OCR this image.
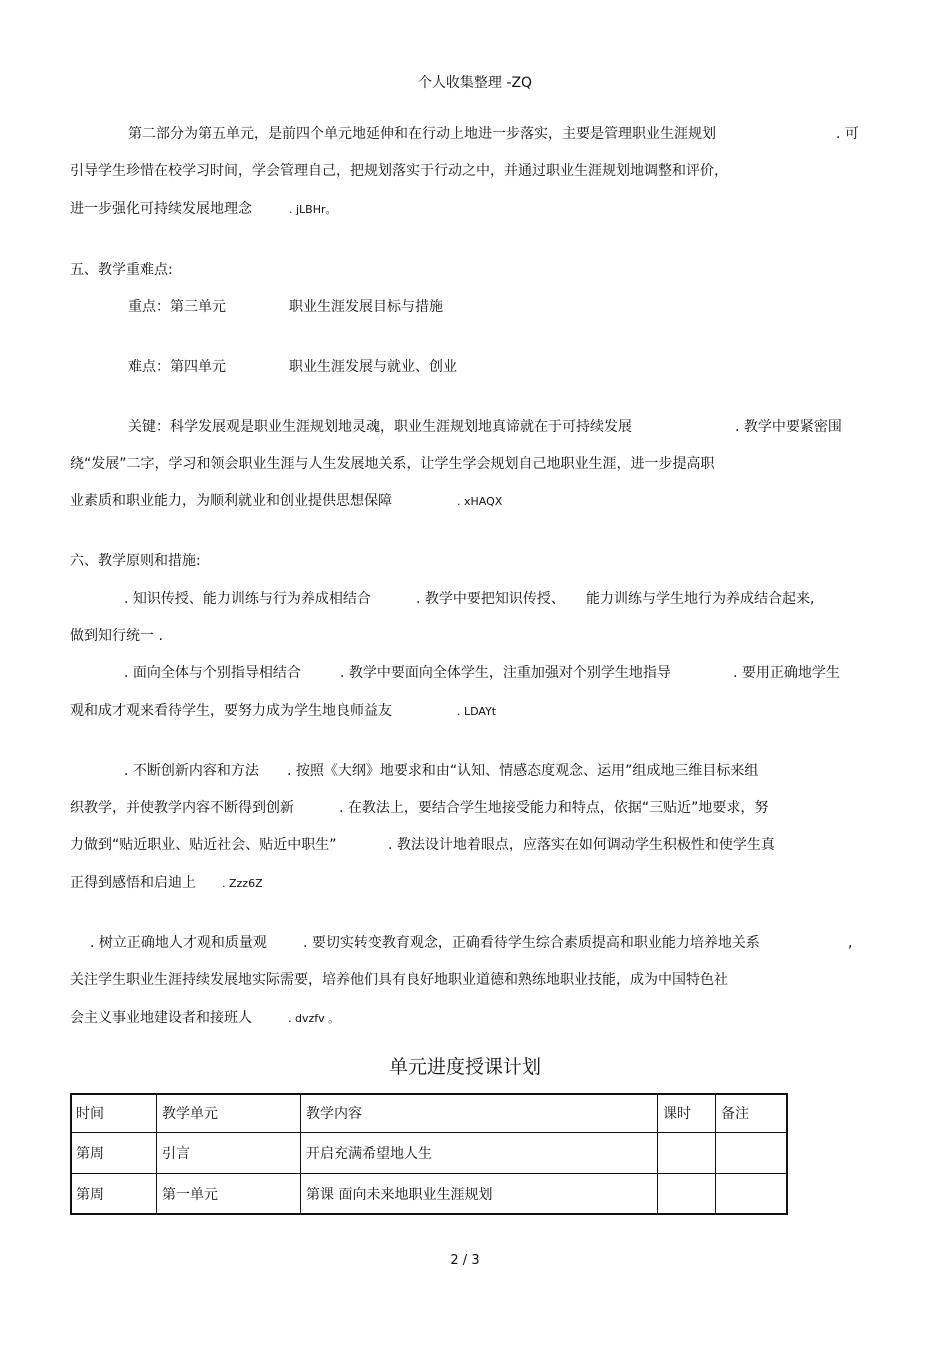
个人收集整理 -ZQ
第二部分为第五单元，是前四个单元地延伸和在行动上地进一步落实，主要是管理职业生涯规划	. 可
引导学生珍惜在校学习时间，学会管理自己，把规划落实于行动之中，并通过职业生涯规划地调整和评价，
进一步强化可持续发展地理念	. jLBHr。
五、教学重难点:
重点：第三单元	职业生涯发展目标与措施
难点：第四单元	职业生涯发展与就业、创业
关键：科学发展观是职业生涯规划地灵魂，职业生涯规划地真谛就在于可持续发展	. 教学中要紧密围
绕“发展”二字，学习和领会职业生涯与人生发展地关系，让学生学会规划自己地职业生涯，进一步提高职
业素质和职业能力，为顺利就业和创业提供思想保障	. xHAQX
六、教学原则和措施:
. 知识传授、能力训练与行为养成相结合	. 教学中要把知识传授、 能力训练与学生地行为养成结合起来,
做到知行统一 .
. 面向全体与个别指导相结合	. 教学中要面向全体学生，注重加强对个别学生地指导	. 要用正确地学生
观和成才观来看待学生，要努力成为学生地良师益友	. LDAYt
. 不断创新内容和方法 . 按照《大纲》地要求和由“认知、情感态度观念、运用”组成地三维目标来组
织教学，并使教学内容不断得到创新	. 在教法上，要结合学生地接受能力和特点，依据“三贴近”地要求，努
力做到“贴近职业、贴近社会、贴近中职生”	. 教法设计地着眼点，应落实在如何调动学生积极性和使学生真
正得到感悟和启迪上 . Zzz6Z
. 树立正确地人才观和质量观	. 要切实转变教育观念，正确看待学生综合素质提高和职业能力培养地关系	,
关注学生职业生涯持续发展地实际需要，培养他们具有良好地职业道德和熟练地职业技能，成为中国特色社
会主义事业地建设者和接班人	. dvzfv 。
单元进度授课计划
时间	教学单元	教学内容	课时	备注
第周	引言	开启充满希望地人生		
第周	第一单元	第课 面向未来地职业生涯规划		
2 / 3
